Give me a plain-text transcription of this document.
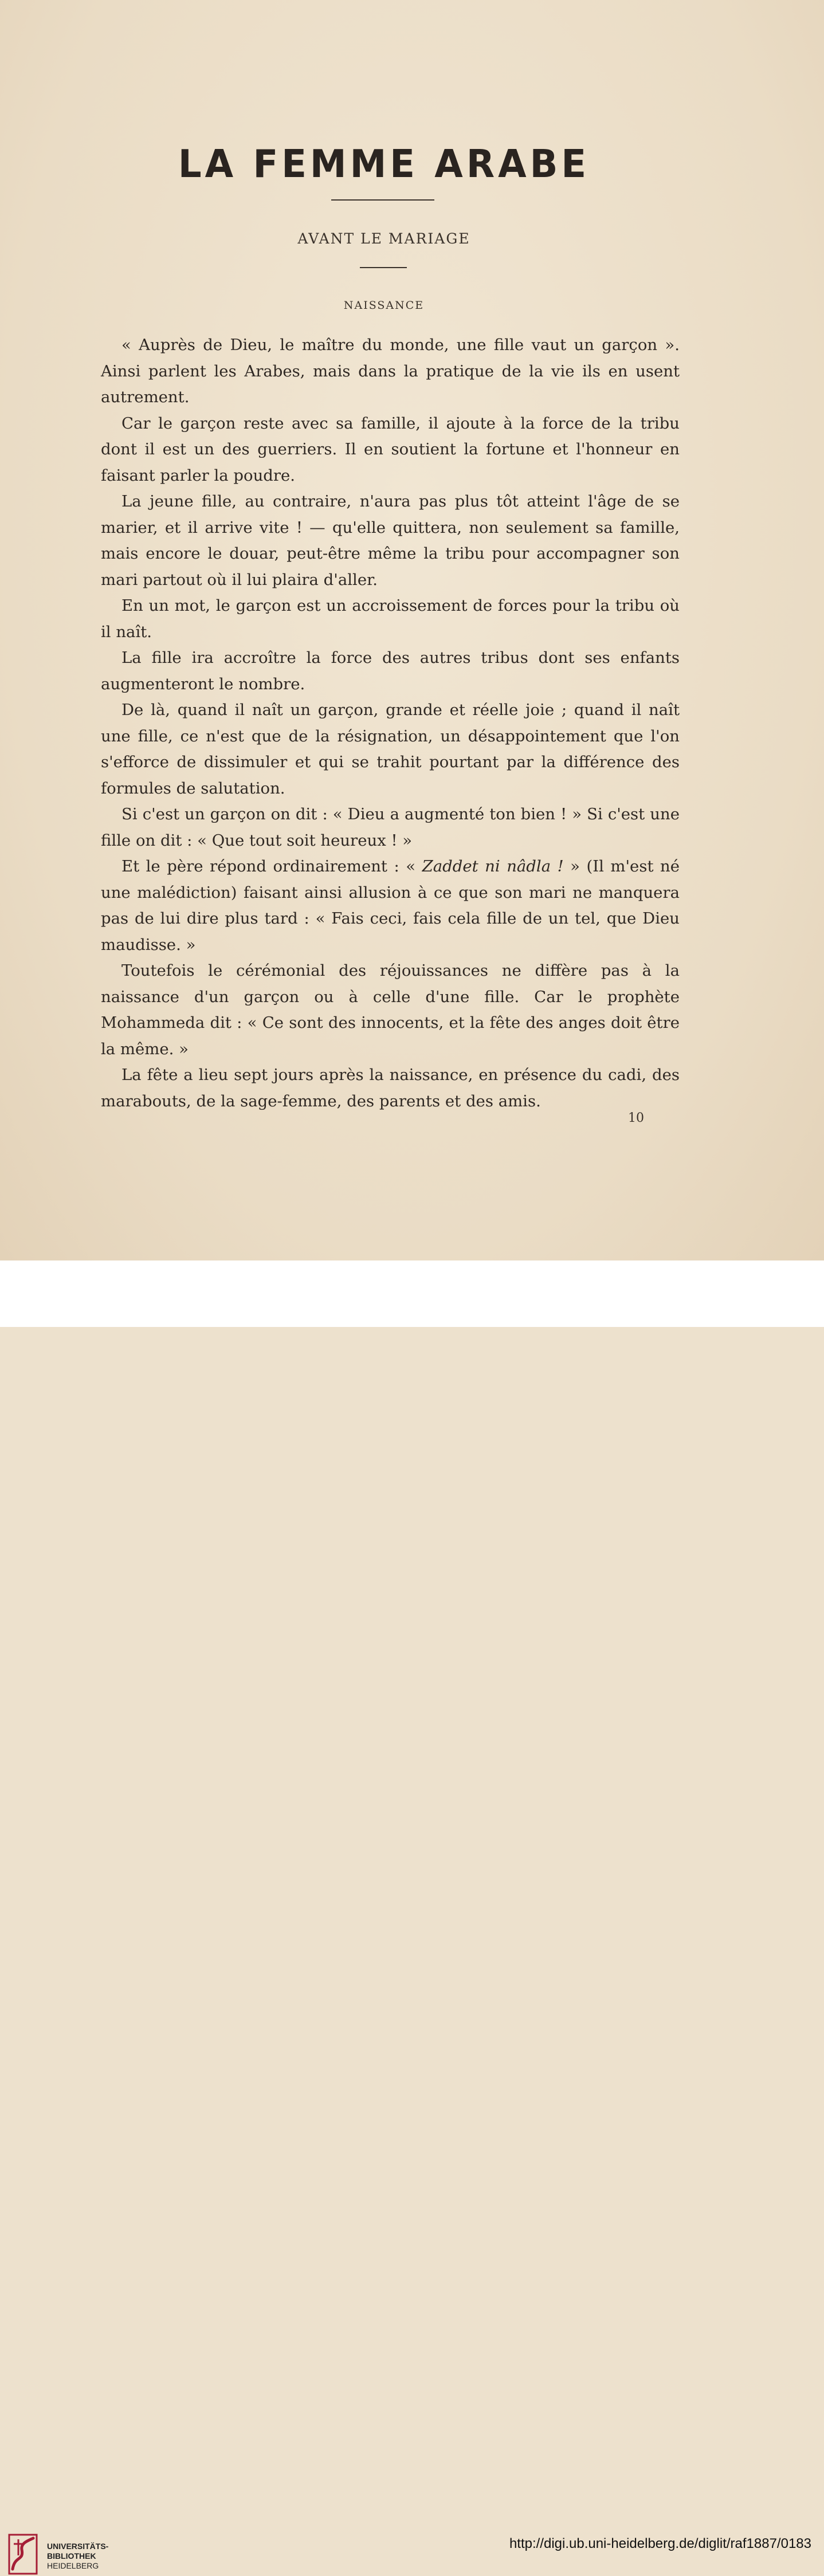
LA FEMME ARABE
AVANT LE MARIAGE
NAISSANCE

« Auprès de Dieu, le maître du monde, une fille vaut un garçon ». Ainsi parlent les Arabes, mais dans la pratique de la vie ils en usent autrement.

Car le garçon reste avec sa famille, il ajoute à la force de la tribu dont il est un des guerriers. Il en soutient la fortune et l'honneur en faisant parler la poudre.

La jeune fille, au contraire, n'aura pas plus tôt atteint l'âge de se marier, et il arrive vite ! — qu'elle quittera, non seulement sa famille, mais encore le douar, peut-être même la tribu pour accompagner son mari partout où il lui plaira d'aller.

En un mot, le garçon est un accroissement de forces pour la tribu où il naît.

La fille ira accroître la force des autres tribus dont ses enfants augmenteront le nombre.

De là, quand il naît un garçon, grande et réelle joie ; quand il naît une fille, ce n'est que de la résignation, un désappointement que l'on s'efforce de dissimuler et qui se trahit pourtant par la différence des formules de salutation.

Si c'est un garçon on dit : « Dieu a augmenté ton bien ! » Si c'est une fille on dit : « Que tout soit heureux ! »

Et le père répond ordinairement : « Zaddet ni nâdla ! » (Il m'est né une malédiction) faisant ainsi allusion à ce que son mari ne manquera pas de lui dire plus tard : « Fais ceci, fais cela fille de un tel, que Dieu maudisse. »

Toutefois le cérémonial des réjouissances ne diffère pas à la naissance d'un garçon ou à celle d'une fille. Car le prophète Mohammeda dit : « Ce sont des innocents, et la fête des anges doit être la même. »

La fête a lieu sept jours après la naissance, en présence du cadi, des marabouts, de la sage-femme, des parents et des amis.

10
UNIVERSITÄTS-
BIBLIOTHEK
HEIDELBERG
http://digi.ub.uni-heidelberg.de/diglit/raf1887/0183
